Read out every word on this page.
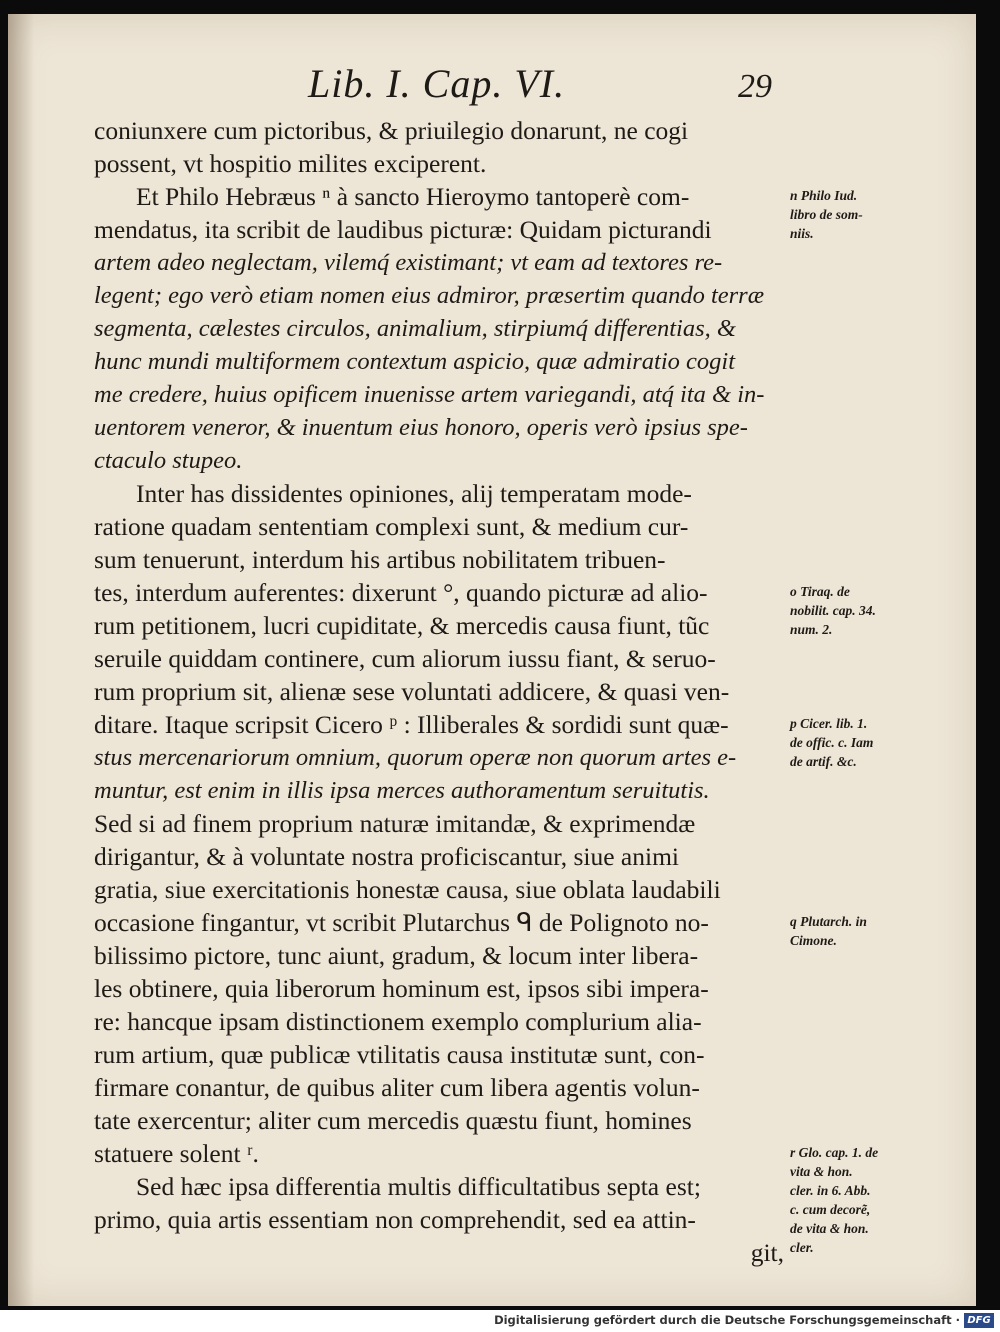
Lib. I. Cap. VI.	29
coniunxere cum pictoribus, & priuilegio donarunt, ne cogi
possent, vt hospitio milites exciperent.
Et Philo Hebræus ⁿ à sancto Hieroymo tantoperè com-
mendatus, ita scribit de laudibus picturæ: Quidam picturandi
artem adeo neglectam, vilemq́ existimant; vt eam ad textores re-
legent; ego verò etiam nomen eius admiror, præsertim quando terræ
segmenta, cælestes circulos, animalium, stirpiumq́ differentias, &
hunc mundi multiformem contextum aspicio, quæ admiratio cogit
me credere, huius opificem inuenisse artem variegandi, atq́ ita & in-
uentorem veneror, & inuentum eius honoro, operis verò ipsius spe-
ctaculo stupeo.
Inter has dissidentes opiniones, alij temperatam mode-
ratione quadam sententiam complexi sunt, & medium cur-
sum tenuerunt, interdum his artibus nobilitatem tribuen-
tes, interdum auferentes: dixerunt °, quando picturæ ad alio-
rum petitionem, lucri cupiditate, & mercedis causa fiunt, tũc
seruile quiddam continere, cum aliorum iussu fiant, & seruo-
rum proprium sit, alienæ sese voluntati addicere, & quasi ven-
ditare. Itaque scripsit Cicero ᵖ : Illiberales & sordidi sunt quæ-
stus mercenariorum omnium, quorum operæ non quorum artes e-
muntur, est enim in illis ipsa merces authoramentum seruitutis.
Sed si ad finem proprium naturæ imitandæ, & exprimendæ
dirigantur, & à voluntate nostra proficiscantur, siue animi
gratia, siue exercitationis honestæ causa, siue oblata laudabili
occasione fingantur, vt scribit Plutarchus ᑫ de Polignoto no-
bilissimo pictore, tunc aiunt, gradum, & locum inter libera-
les obtinere, quia liberorum hominum est, ipsos sibi impera-
re: hancque ipsam distinctionem exemplo complurium alia-
rum artium, quæ publicæ vtilitatis causa institutæ sunt, con-
firmare conantur, de quibus aliter cum libera agentis volun-
tate exercentur; aliter cum mercedis quæstu fiunt, homines
statuere solent ʳ.
Sed hæc ipsa differentia multis difficultatibus septa est;
primo, quia artis essentiam non comprehendit, sed ea attin-
git,
n Philo Iud.
libro de som-
niis.
o Tiraq. de
nobilit. cap. 34.
num. 2.
p Cicer. lib. 1.
de offic. c. Iam
de artif. &c.
q Plutarch. in
Cimone.
r Glo. cap. 1. de
vita & hon.
cler. in 6. Abb.
c. cum decorẽ,
de vita & hon.
cler.
Digitalisierung gefördert durch die Deutsche Forschungsgemeinschaft · DFG
